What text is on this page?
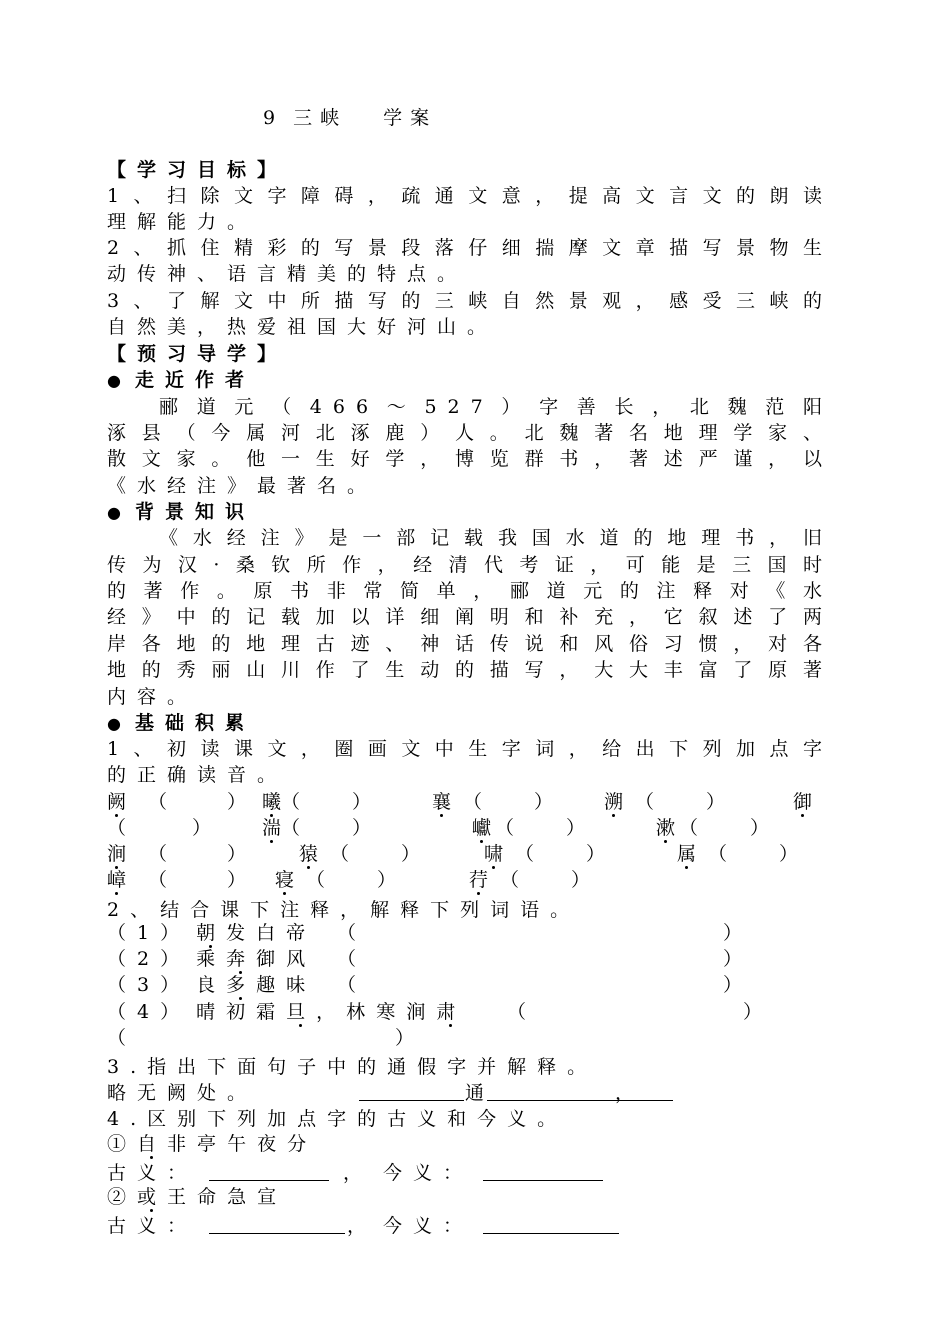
9 三峡 学案
【学习目标】
1、扫除文字障碍，疏通文意，提高文言文的朗读
理解能力。
2、抓住精彩的写景段落仔细揣摩文章描写景物生
动传神、语言精美的特点。
3、了解文中所描写的三峡自然景观，感受三峡的
自然美，热爱祖国大好河山。
【预习导学】
● 走近作者
郦道元（466～527）字善长，北魏范阳
涿县（今属河北涿鹿）人。北魏著名地理学家、
散文家。他一生好学，博览群书，著述严谨，以
《水经注》最著名。
● 背景知识
《水经注》是一部记载我国水道的地理书，旧
传为汉·桑钦所作，经清代考证，可能是三国时
的著作。原书非常简单，郦道元的注释对《水
经》中的记载加以详细阐明和补充，它叙述了两
岸各地的地理古迹、神话传说和风俗习惯，对各
地的秀丽山川作了生动的描写，大大丰富了原著
内容。
● 基础积累
1、初读课文，圈画文中生字词，给出下列加点字
的正确读音。
阙 （	） 曦（	）	襄 （	）	溯 （	）	御
（	）	湍（	）	巘 （	）	漱 （	）
涧 （	）	猿 （	）	啸 （	）	属 （	）
嶂 （	） 寝 （	）	荇 （	）
2、结合课下注释，解释下列词语。
（1） 朝发白帝 （	）
（2） 乘奔御风 （	）
（3） 良多趣味 （	）
（4） 晴初霜旦，林寒涧肃 （	）
（	）
3.指出下面句子中的通假字并解释。
略无阙处。	通	，
4.区别下列加点字的古义和今义。
①自非亭午夜分
古义：	， 今义：
②或王命急宣
古义：	， 今义：
